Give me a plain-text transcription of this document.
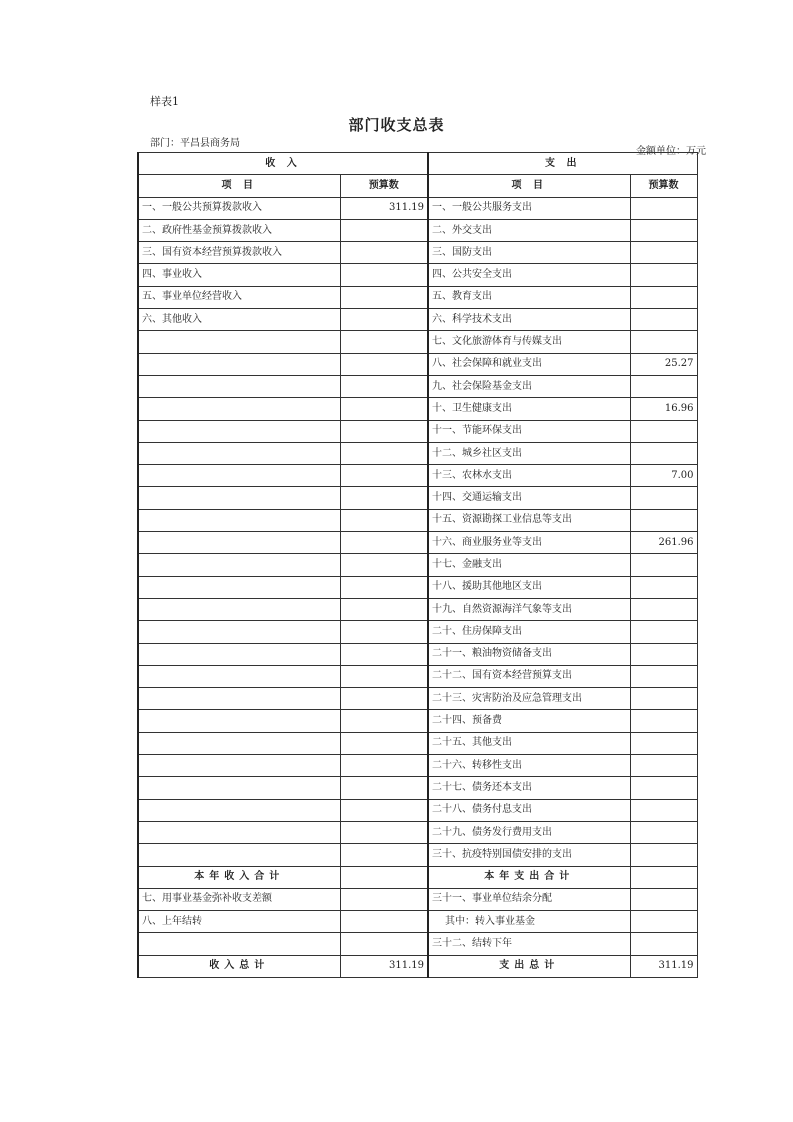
样表1
部门收支总表
部门：平昌县商务局
金额单位：万元
收 入		支 出	
项 目	预算数	项 目	预算数
一、一般公共预算拨款收入	311.19	一、一般公共服务支出	
二、政府性基金预算拨款收入		二、外交支出	
三、国有资本经营预算拨款收入		三、国防支出	
四、事业收入		四、公共安全支出	
五、事业单位经营收入		五、教育支出	
六、其他收入		六、科学技术支出	
		七、文化旅游体育与传媒支出	
		八、社会保障和就业支出	25.27
		九、社会保险基金支出	
		十、卫生健康支出	16.96
		十一、节能环保支出	
		十二、城乡社区支出	
		十三、农林水支出	7.00
		十四、交通运输支出	
		十五、资源勘探工业信息等支出	
		十六、商业服务业等支出	261.96
		十七、金融支出	
		十八、援助其他地区支出	
		十九、自然资源海洋气象等支出	
		二十、住房保障支出	
		二十一、粮油物资储备支出	
		二十二、国有资本经营预算支出	
		二十三、灾害防治及应急管理支出	
		二十四、预备费	
		二十五、其他支出	
		二十六、转移性支出	
		二十七、债务还本支出	
		二十八、债务付息支出	
		二十九、债务发行费用支出	
		三十、抗疫特别国债安排的支出	
本年收入合计		本年支出合计	
七、用事业基金弥补收支差额		三十一、事业单位结余分配	
八、上年结转		其中：转入事业基金	
		三十二、结转下年	
收入总计	311.19	支出总计	311.19
